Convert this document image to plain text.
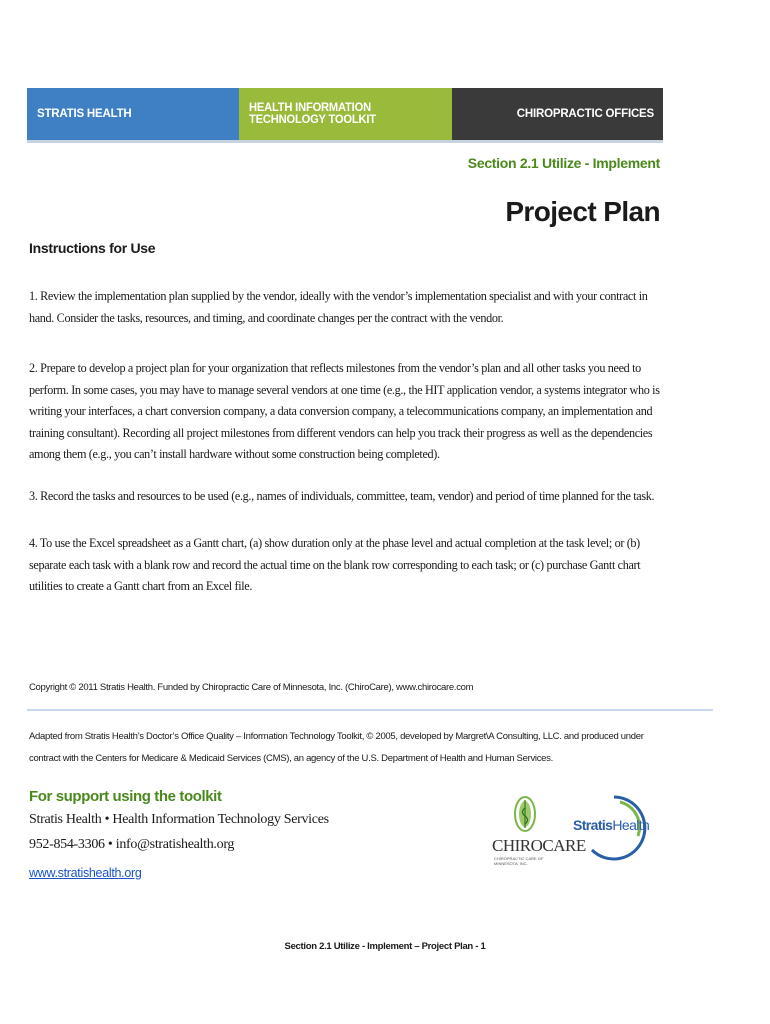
STRATIS HEALTH	HEALTH INFORMATION TECHNOLOGY TOOLKIT	CHIROPRACTIC OFFICES
Section 2.1 Utilize - Implement
Project Plan
Instructions for Use
1. Review the implementation plan supplied by the vendor, ideally with the vendor’s implementation specialist and with your contract in hand. Consider the tasks, resources, and timing, and coordinate changes per the contract with the vendor.
2. Prepare to develop a project plan for your organization that reflects milestones from the vendor’s plan and all other tasks you need to perform. In some cases, you may have to manage several vendors at one time (e.g., the HIT application vendor, a systems integrator who is writing your interfaces, a chart conversion company, a data conversion company, a telecommunications company, an implementation and training consultant). Recording all project milestones from different vendors can help you track their progress as well as the dependencies among them (e.g., you can’t install hardware without some construction being completed).
3. Record the tasks and resources to be used (e.g., names of individuals, committee, team, vendor) and period of time planned for the task.
4. To use the Excel spreadsheet as a Gantt chart, (a) show duration only at the phase level and actual completion at the task level; or (b) separate each task with a blank row and record the actual time on the blank row corresponding to each task; or (c) purchase Gantt chart utilities to create a Gantt chart from an Excel file.
Copyright © 2011 Stratis Health. Funded by Chiropractic Care of Minnesota, Inc. (ChiroCare), www.chirocare.com
Adapted from Stratis Health’s Doctor’s Office Quality – Information Technology Toolkit, © 2005, developed by Margret\A Consulting, LLC. and produced under contract with the Centers for Medicare & Medicaid Services (CMS), an agency of the U.S. Department of Health and Human Services.
For support using the toolkit
Stratis Health • Health Information Technology Services
952-854-3306 • info@stratishealth.org
www.stratishealth.org
CHIROCARE
CHIROPRACTIC CARE OF MINNESOTA, INC.
StratisHealth
Section 2.1 Utilize - Implement – Project Plan - 1
